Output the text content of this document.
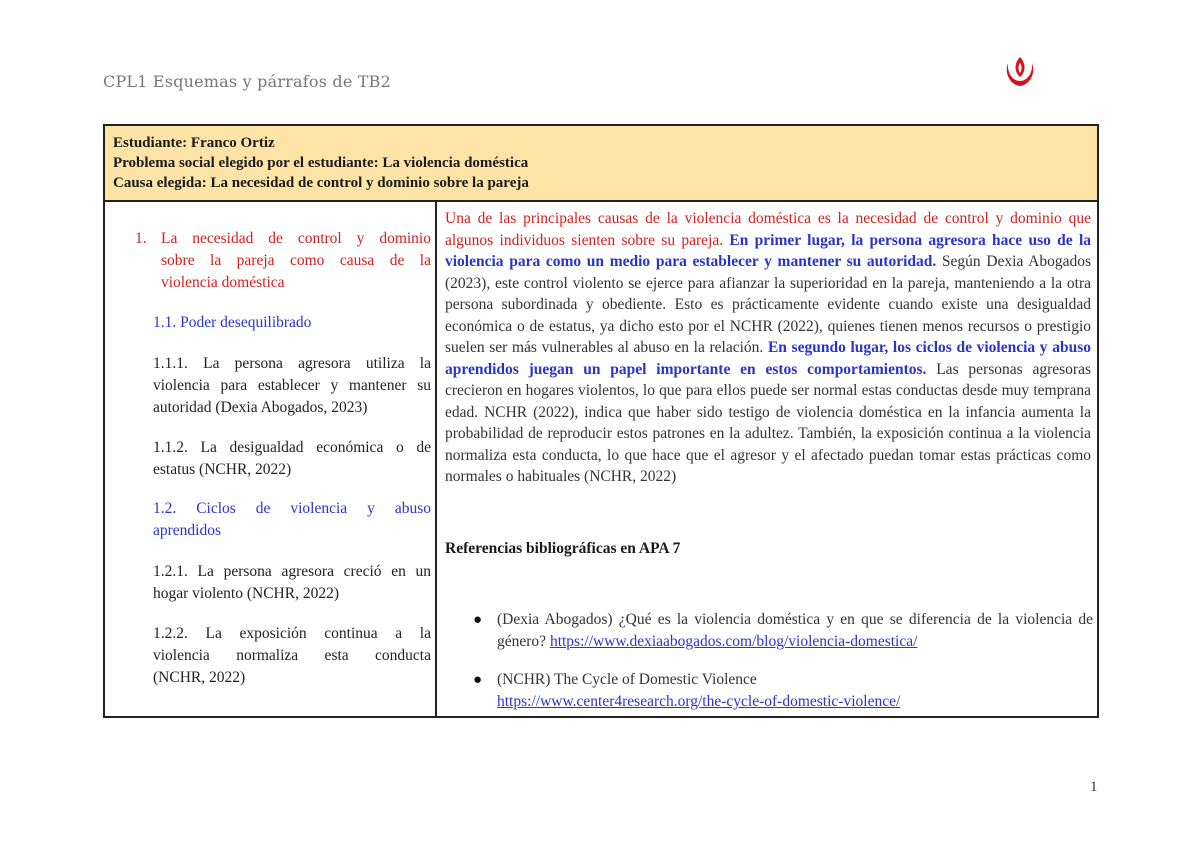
CPL1 Esquemas y párrafos de TB2
Estudiante: Franco Ortiz
Problema social elegido por el estudiante: La violencia doméstica
Causa elegida: La necesidad de control y dominio sobre la pareja
1. La necesidad de control y dominio
sobre la pareja como causa de la
violencia doméstica
1.1. Poder desequilibrado
1.1.1. La persona agresora utiliza la
violencia para establecer y mantener su
autoridad (Dexia Abogados, 2023)
1.1.2. La desigualdad económica o de
estatus (NCHR, 2022)
1.2. Ciclos de violencia y abuso
aprendidos
1.2.1. La persona agresora creció en un
hogar violento (NCHR, 2022)
1.2.2. La exposición continua a la
violencia normaliza esta conducta
(NCHR, 2022)
Una de las principales causas de la violencia doméstica es la necesidad de control y dominio que algunos individuos sienten sobre su pareja. En primer lugar, la persona agresora hace uso de la violencia para como un medio para establecer y mantener su autoridad. Según Dexia Abogados (2023), este control violento se ejerce para afianzar la superioridad en la pareja, manteniendo a la otra persona subordinada y obediente. Esto es prácticamente evidente cuando existe una desigualdad económica o de estatus, ya dicho esto por el NCHR (2022), quienes tienen menos recursos o prestigio suelen ser más vulnerables al abuso en la relación. En segundo lugar, los ciclos de violencia y abuso aprendidos juegan un papel importante en estos comportamientos. Las personas agresoras crecieron en hogares violentos, lo que para ellos puede ser normal estas conductas desde muy temprana edad. NCHR (2022), indica que haber sido testigo de violencia doméstica en la infancia aumenta la probabilidad de reproducir estos patrones en la adultez. También, la exposición continua a la violencia normaliza esta conducta, lo que hace que el agresor y el afectado puedan tomar estas prácticas como normales o habituales (NCHR, 2022)
Referencias bibliográficas en APA 7
● (Dexia Abogados) ¿Qué es la violencia doméstica y en que se diferencia de la violencia de género? https://www.dexiaabogados.com/blog/violencia-domestica/
● (NCHR) The Cycle of Domestic Violence
https://www.center4research.org/the-cycle-of-domestic-violence/
1
